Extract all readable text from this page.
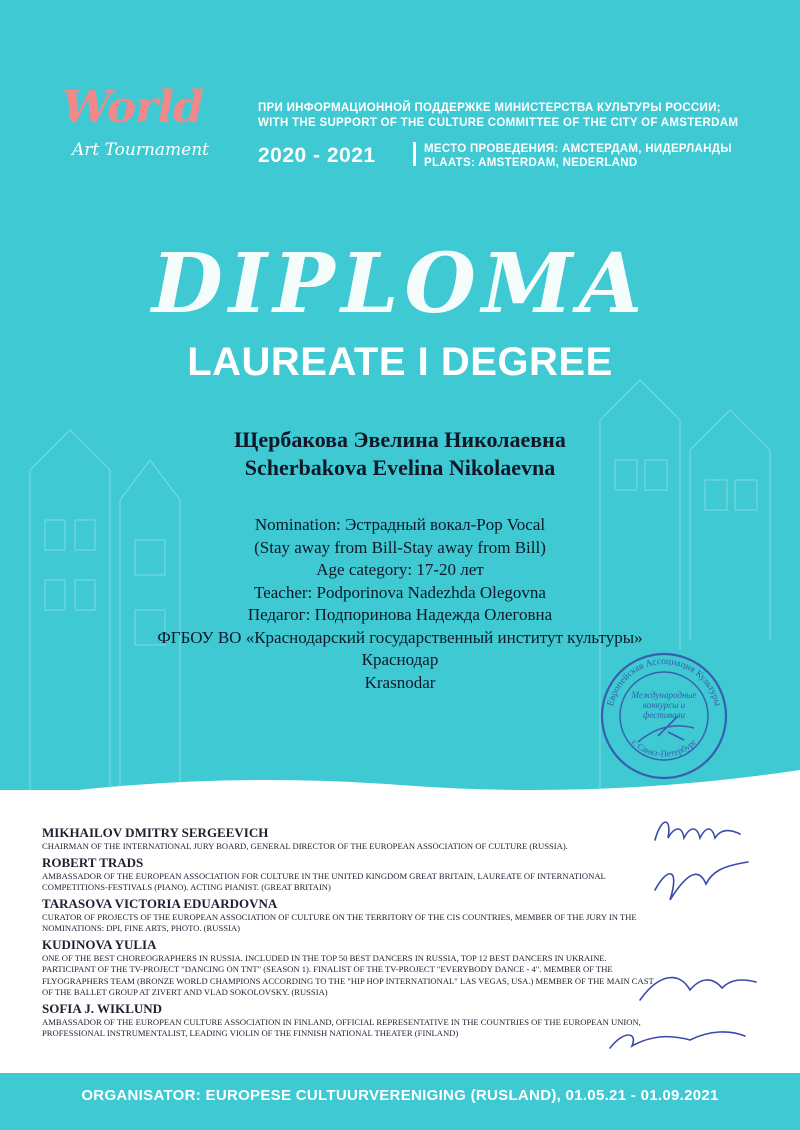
World
Art Tournament
ПРИ ИНФОРМАЦИОННОЙ ПОДДЕРЖКЕ МИНИСТЕРСТВА КУЛЬТУРЫ РОССИИ;
WITH THE SUPPORT OF THE CULTURE COMMITTEE OF THE CITY OF AMSTERDAM
2020 - 2021	МЕСТО ПРОВЕДЕНИЯ: АМСТЕРДАМ, НИДЕРЛАНДЫ
PLAATS: AMSTERDAM, NEDERLAND
DIPLOMA
LAUREATE I DEGREE
Щербакова Эвелина Николаевна
Scherbakova Evelina Nikolaevna
Nomination: Эстрадный вокал-Pop Vocal
(Stay away from Bill-Stay away from Bill)
Age category: 17-20 лет
Teacher: Podporinova Nadezhda Olegovna
Педагог: Подпоринова Надежда Олеговна
ФГБОУ ВО «Краснодарский государственный институт культуры»
Краснодар
Krasnodar
Европейская Ассоциация Культуры
г. Санкт-Петербург
Международные
конкурсы и
фестивали
MIKHAILOV DMITRY SERGEEVICH
CHAIRMAN OF THE INTERNATIONAL JURY BOARD, GENERAL DIRECTOR OF THE EUROPEAN ASSOCIATION OF CULTURE (RUSSIA).
ROBERT TRADS
AMBASSADOR OF THE EUROPEAN ASSOCIATION FOR CULTURE IN THE UNITED KINGDOM GREAT BRITAIN, LAUREATE OF INTERNATIONAL COMPETITIONS-FESTIVALS (PIANO). ACTING PIANIST. (GREAT BRITAIN)
TARASOVA VICTORIA EDUARDOVNA
CURATOR OF PROJECTS OF THE EUROPEAN ASSOCIATION OF CULTURE ON THE TERRITORY OF THE CIS COUNTRIES, MEMBER OF THE JURY IN THE NOMINATIONS: DPI, FINE ARTS, PHOTO. (RUSSIA)
KUDINOVA YULIA
ONE OF THE BEST CHOREOGRAPHERS IN RUSSIA. INCLUDED IN THE TOP 50 BEST DANCERS IN RUSSIA, TOP 12 BEST DANCERS IN UKRAINE. PARTICIPANT OF THE TV-PROJECT "DANCING ON TNT" (SEASON 1). FINALIST OF THE TV-PROJECT "EVERYBODY DANCE - 4". MEMBER OF THE FLYOGRAPHERS TEAM (BRONZE WORLD CHAMPIONS ACCORDING TO THE "HIP HOP INTERNATIONAL" LAS VEGAS, USA.) MEMBER OF THE MAIN CAST OF THE BALLET GROUP AT ZIVERT AND VLAD SOKOLOVSKY. (RUSSIA)
SOFIA J. WIKLUND
AMBASSADOR OF THE EUROPEAN CULTURE ASSOCIATION IN FINLAND, OFFICIAL REPRESENTATIVE IN THE COUNTRIES OF THE EUROPEAN UNION, PROFESSIONAL INSTRUMENTALIST, LEADING VIOLIN OF THE FINNISH NATIONAL THEATER (FINLAND)
ORGANISATOR: EUROPESE CULTUURVERENIGING (RUSLAND), 01.05.21 - 01.09.2021
